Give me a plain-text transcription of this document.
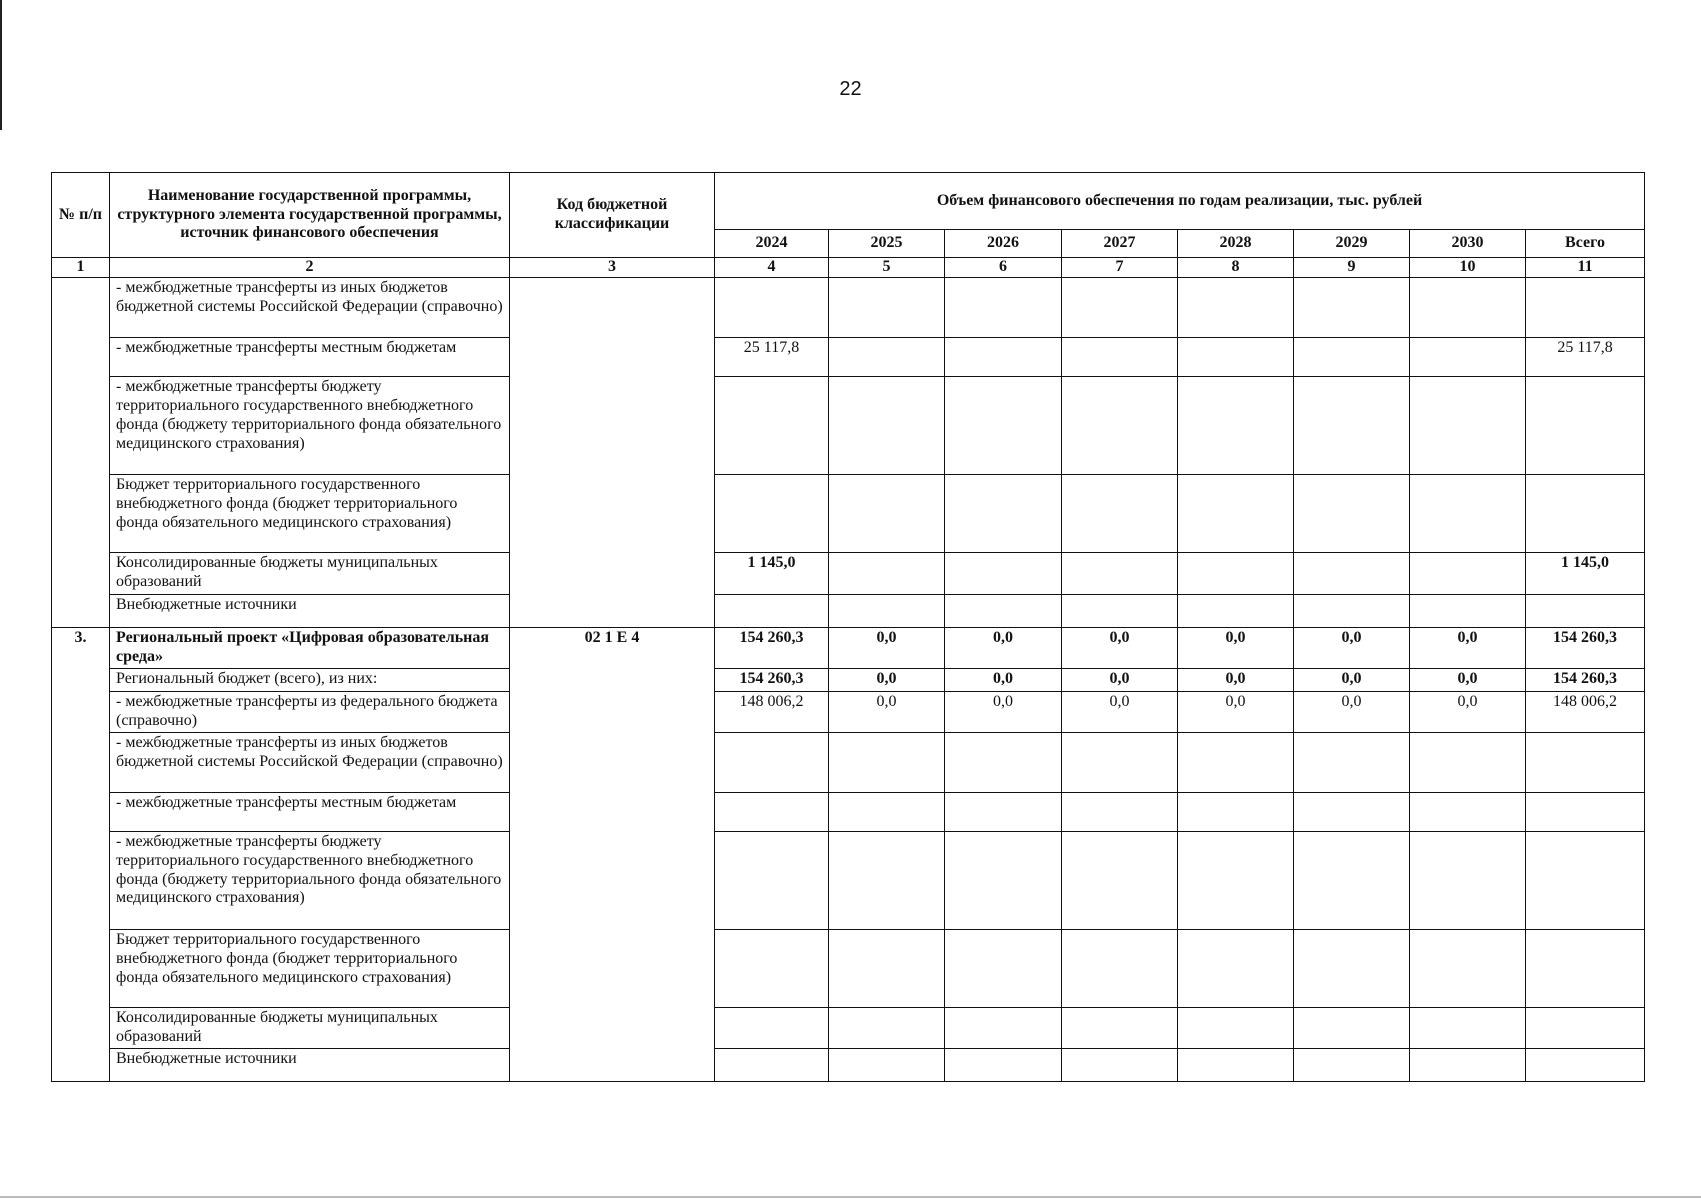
22
№ п/п	Наименование государственной программы, структурного элемента государственной программы, источник финансового обеспечения	Код бюджетной классификации	Объем финансового обеспечения по годам реализации, тыс. рублей							
			2024	2025	2026	2027	2028	2029	2030	Всего
1	2	3	4	5	6	7	8	9	10	11
	- межбюджетные трансферты из иных бюджетов бюджетной системы Российской Федерации (справочно)									
	- межбюджетные трансферты местным бюджетам		25 117,8							25 117,8
	- межбюджетные трансферты бюджету территориального государственного внебюджетного фонда (бюджету территориального фонда обязательного медицинского страхования)									
	Бюджет территориального государственного внебюджетного фонда (бюджет территориального фонда обязательного медицинского страхования)									
	Консолидированные бюджеты муниципальных образований		1 145,0							1 145,0
	Внебюджетные источники									
3.	Региональный проект «Цифровая образовательная среда»	02 1 Е 4	154 260,3	0,0	0,0	0,0	0,0	0,0	0,0	154 260,3
	Региональный бюджет (всего), из них:		154 260,3	0,0	0,0	0,0	0,0	0,0	0,0	154 260,3
	- межбюджетные трансферты из федерального бюджета (справочно)		148 006,2	0,0	0,0	0,0	0,0	0,0	0,0	148 006,2
	- межбюджетные трансферты из иных бюджетов бюджетной системы Российской Федерации (справочно)									
	- межбюджетные трансферты местным бюджетам									
	- межбюджетные трансферты бюджету территориального государственного внебюджетного фонда (бюджету территориального фонда обязательного медицинского страхования)									
	Бюджет территориального государственного внебюджетного фонда (бюджет территориального фонда обязательного медицинского страхования)									
	Консолидированные бюджеты муниципальных образований									
	Внебюджетные источники									
